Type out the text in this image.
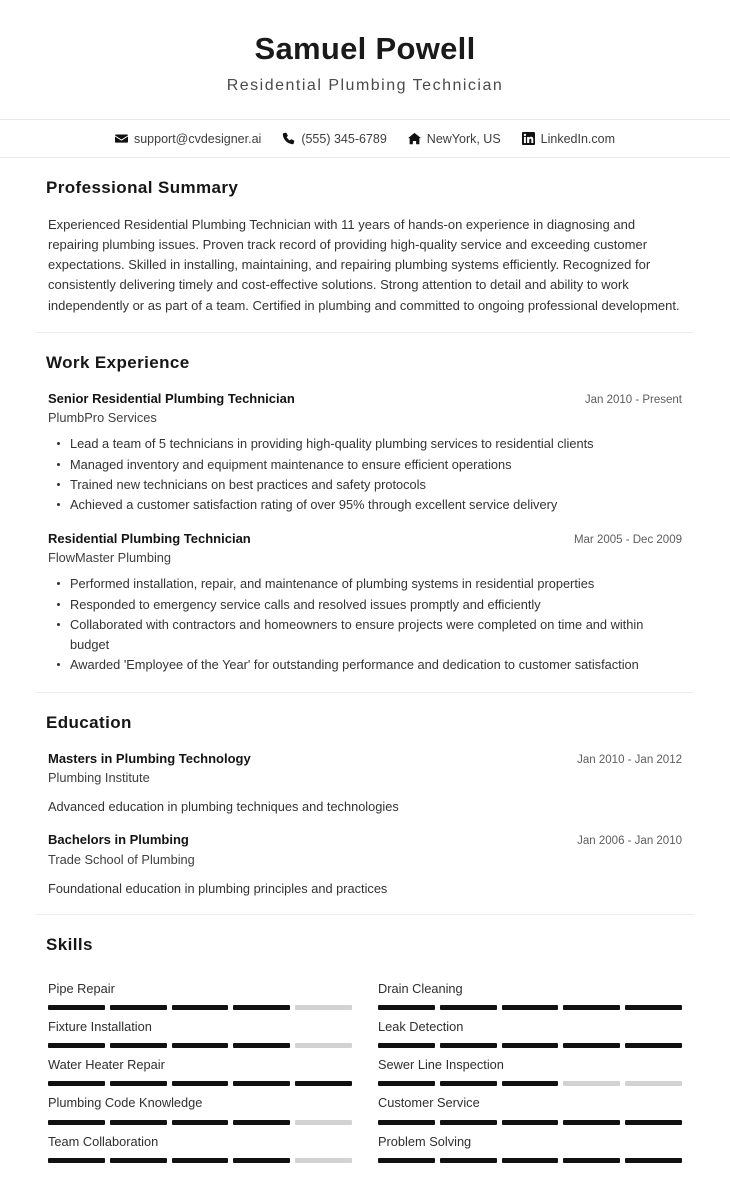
Samuel Powell
Residential Plumbing Technician
support@cvdesigner.ai	(555) 345-6789	NewYork, US	LinkedIn.com
Professional Summary

Experienced Residential Plumbing Technician with 11 years of hands-on experience in diagnosing and repairing plumbing issues. Proven track record of providing high-quality service and exceeding customer expectations. Skilled in installing, maintaining, and repairing plumbing systems efficiently. Recognized for consistently delivering timely and cost-effective solutions. Strong attention to detail and ability to work independently or as part of a team. Certified in plumbing and committed to ongoing professional development.

Work Experience
Senior Residential Plumbing Technician	Jan 2010 - Present
PlumbPro Services
Lead a team of 5 technicians in providing high-quality plumbing services to residential clients
Managed inventory and equipment maintenance to ensure efficient operations
Trained new technicians on best practices and safety protocols
Achieved a customer satisfaction rating of over 95% through excellent service delivery
Residential Plumbing Technician	Mar 2005 - Dec 2009
FlowMaster Plumbing
Performed installation, repair, and maintenance of plumbing systems in residential properties
Responded to emergency service calls and resolved issues promptly and efficiently
Collaborated with contractors and homeowners to ensure projects were completed on time and within budget
Awarded 'Employee of the Year' for outstanding performance and dedication to customer satisfaction
Education
Masters in Plumbing Technology	Jan 2010 - Jan 2012
Plumbing Institute
Advanced education in plumbing techniques and technologies
Bachelors in Plumbing	Jan 2006 - Jan 2010
Trade School of Plumbing
Foundational education in plumbing principles and practices
Skills
Pipe Repair	Drain Cleaning
Fixture Installation	Leak Detection
Water Heater Repair	Sewer Line Inspection
Plumbing Code Knowledge	Customer Service
Team Collaboration	Problem Solving
